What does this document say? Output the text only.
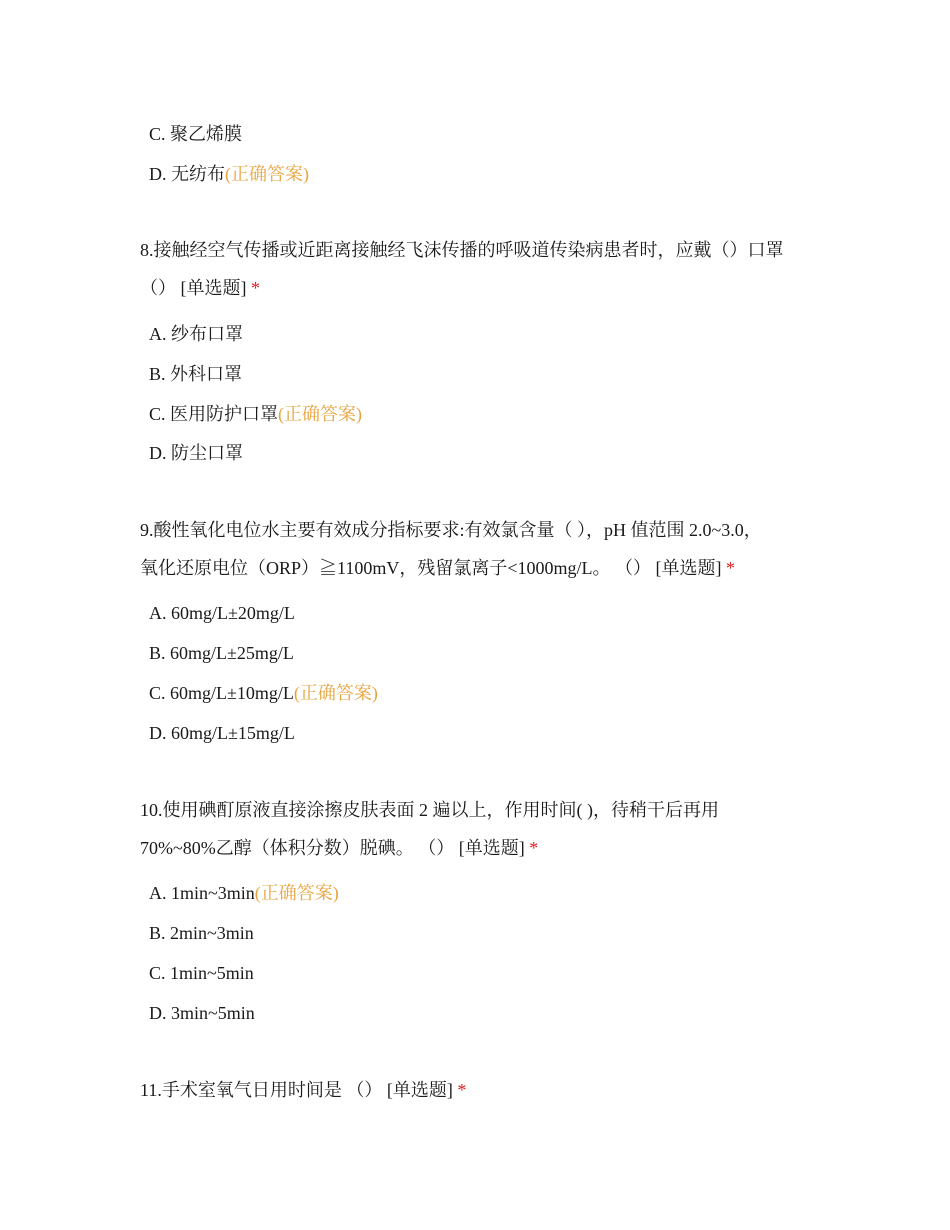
C. 聚乙烯膜
D. 无纺布(正确答案)
8.接触经空气传播或近距离接触经飞沫传播的呼吸道传染病患者时，应戴（）口罩
（） [单选题] *
A. 纱布口罩
B. 外科口罩
C. 医用防护口罩(正确答案)
D. 防尘口罩
9.酸性氧化电位水主要有效成分指标要求:有效氯含量（ ），pH 值范围 2.0~3.0，
氧化还原电位（ORP）≧1100mV，残留氯离子<1000mg/L。 （） [单选题] *
A. 60mg/L±20mg/L
B. 60mg/L±25mg/L
C. 60mg/L±10mg/L(正确答案)
D. 60mg/L±15mg/L
10.使用碘酊原液直接涂擦皮肤表面 2 遍以上，作用时间( )，待稍干后再用
70%~80%乙醇（体积分数）脱碘。 （） [单选题] *
A. 1min~3min(正确答案)
B. 2min~3min
C. 1min~5min
D. 3min~5min
11.手术室氧气日用时间是 （） [单选题] *
